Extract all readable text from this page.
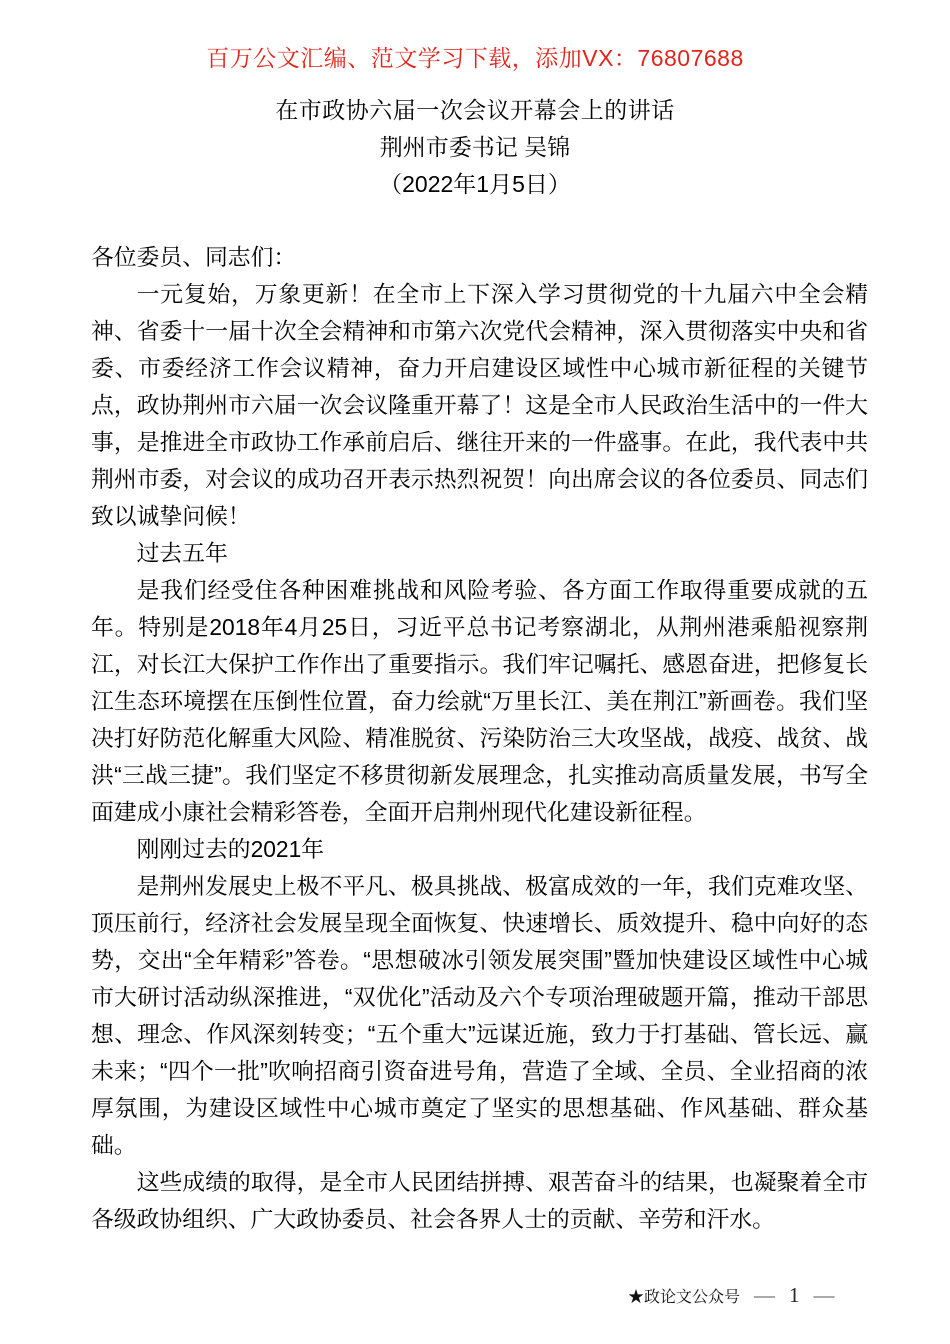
百万公文汇编、范文学习下载，添加VX：76807688
在市政协六届一次会议开幕会上的讲话
荆州市委书记 吴锦
（2022年1月5日）

各位委员、同志们：

一元复始，万象更新！在全市上下深入学习贯彻党的十九届六中全会精神、省委十一届十次全会精神和市第六次党代会精神，深入贯彻落实中央和省委、市委经济工作会议精神，奋力开启建设区域性中心城市新征程的关键节点，政协荆州市六届一次会议隆重开幕了！这是全市人民政治生活中的一件大事，是推进全市政协工作承前启后、继往开来的一件盛事。在此，我代表中共荆州市委，对会议的成功召开表示热烈祝贺！向出席会议的各位委员、同志们致以诚挚问候！

过去五年

是我们经受住各种困难挑战和风险考验、各方面工作取得重要成就的五年。特别是2018年4月25日，习近平总书记考察湖北，从荆州港乘船视察荆江，对长江大保护工作作出了重要指示。我们牢记嘱托、感恩奋进，把修复长江生态环境摆在压倒性位置，奋力绘就“万里长江、美在荆江”新画卷。我们坚决打好防范化解重大风险、精准脱贫、污染防治三大攻坚战，战疫、战贫、战洪“三战三捷”。我们坚定不移贯彻新发展理念，扎实推动高质量发展，书写全面建成小康社会精彩答卷，全面开启荆州现代化建设新征程。

刚刚过去的2021年

是荆州发展史上极不平凡、极具挑战、极富成效的一年，我们克难攻坚、顶压前行，经济社会发展呈现全面恢复、快速增长、质效提升、稳中向好的态势，交出“全年精彩”答卷。“思想破冰引领发展突围”暨加快建设区域性中心城市大研讨活动纵深推进，“双优化”活动及六个专项治理破题开篇，推动干部思想、理念、作风深刻转变；“五个重大”远谋近施，致力于打基础、管长远、赢未来；“四个一批”吹响招商引资奋进号角，营造了全域、全员、全业招商的浓厚氛围，为建设区域性中心城市奠定了坚实的思想基础、作风基础、群众基础。

这些成绩的取得，是全市人民团结拼搏、艰苦奋斗的结果，也凝聚着全市各级政协组织、广大政协委员、社会各界人士的贡献、辛劳和汗水。

★政论文公众号 — 1 —
